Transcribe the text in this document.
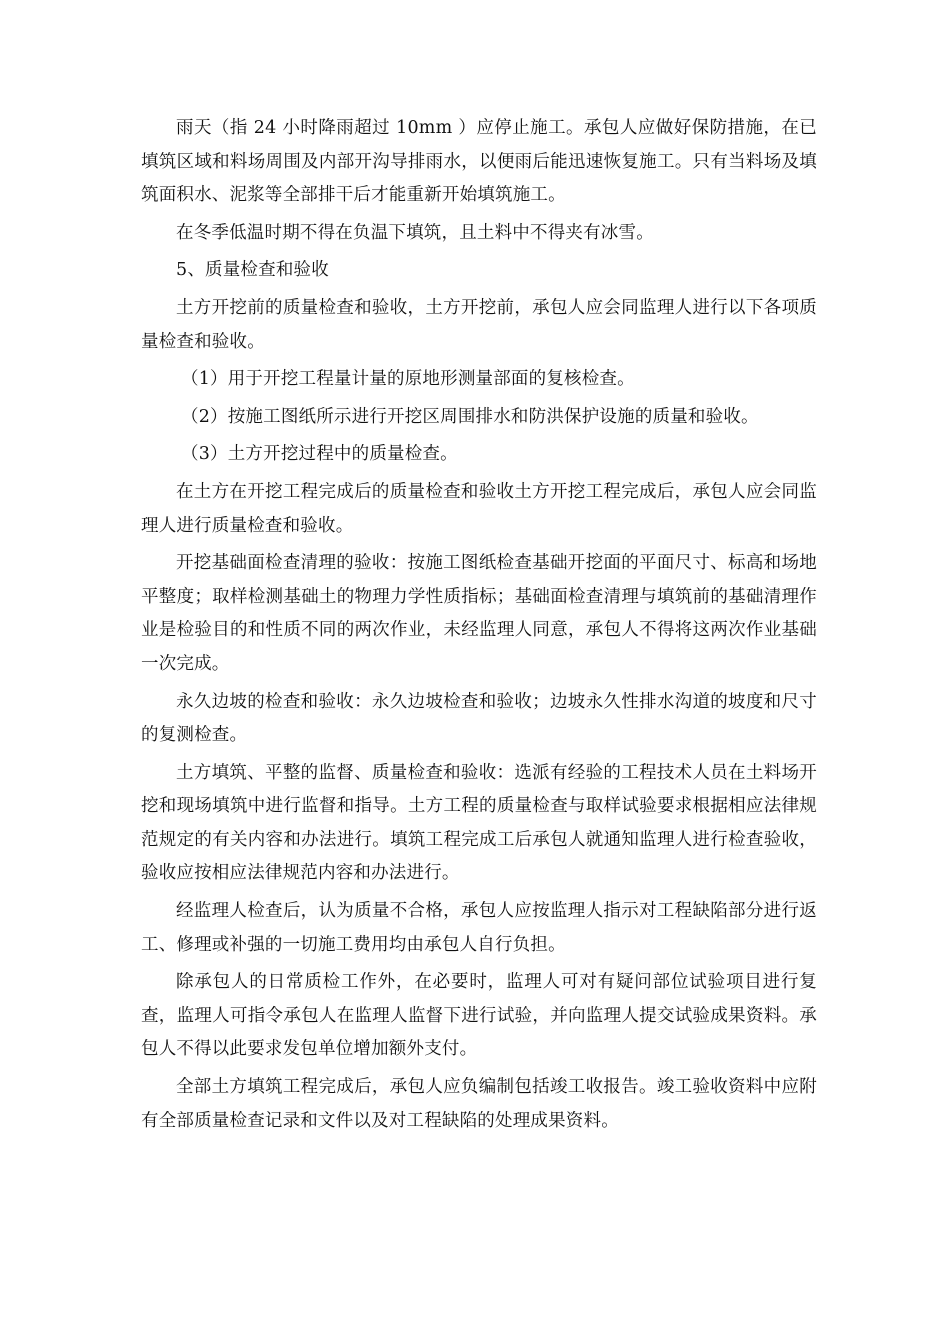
雨天（指 24 小时降雨超过 10mm ）应停止施工。承包人应做好保防措施，在已填筑区域和料场周围及内部开沟导排雨水，以便雨后能迅速恢复施工。只有当料场及填筑面积水、泥浆等全部排干后才能重新开始填筑施工。

在冬季低温时期不得在负温下填筑，且土料中不得夹有冰雪。

5、质量检查和验收

土方开挖前的质量检查和验收，土方开挖前，承包人应会同监理人进行以下各项质量检查和验收。

（1）用于开挖工程量计量的原地形测量部面的复核检查。

（2）按施工图纸所示进行开挖区周围排水和防洪保护设施的质量和验收。

（3）土方开挖过程中的质量检查。

在土方在开挖工程完成后的质量检查和验收土方开挖工程完成后，承包人应会同监理人进行质量检查和验收。

开挖基础面检查清理的验收：按施工图纸检查基础开挖面的平面尺寸、标高和场地平整度；取样检测基础土的物理力学性质指标；基础面检查清理与填筑前的基础清理作业是检验目的和性质不同的两次作业，未经监理人同意，承包人不得将这两次作业基础一次完成。

永久边坡的检查和验收：永久边坡检查和验收；边坡永久性排水沟道的坡度和尺寸的复测检查。

土方填筑、平整的监督、质量检查和验收：选派有经验的工程技术人员在土料场开挖和现场填筑中进行监督和指导。土方工程的质量检查与取样试验要求根据相应法律规范规定的有关内容和办法进行。填筑工程完成工后承包人就通知监理人进行检查验收，验收应按相应法律规范内容和办法进行。

经监理人检查后，认为质量不合格，承包人应按监理人指示对工程缺陷部分进行返工、修理或补强的一切施工费用均由承包人自行负担。

除承包人的日常质检工作外，在必要时，监理人可对有疑问部位试验项目进行复查，监理人可指令承包人在监理人监督下进行试验，并向监理人提交试验成果资料。承包人不得以此要求发包单位增加额外支付。

全部土方填筑工程完成后，承包人应负编制包括竣工收报告。竣工验收资料中应附有全部质量检查记录和文件以及对工程缺陷的处理成果资料。
